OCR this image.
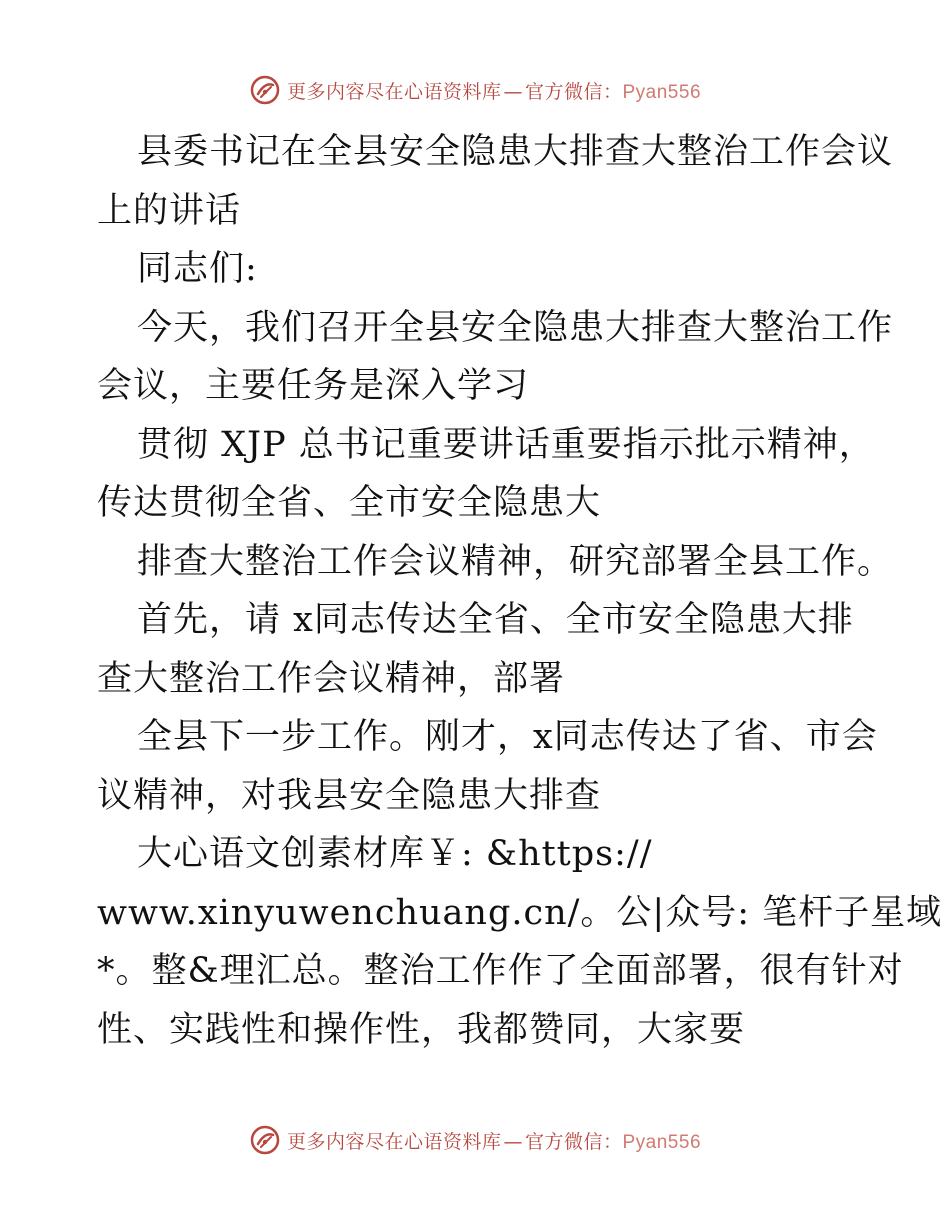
更多内容尽在心语资料库 — 官方微信：Pyan556

县委书记在全县安全隐患大排查大整治工作会议

上的讲话

同志们:

今天，我们召开全县安全隐患大排查大整治工作

会议，主要任务是深入学习

贯彻 XJP 总书记重要讲话重要指示批示精神，

传达贯彻全省、全市安全隐患大

排查大整治工作会议精神，研究部署全县工作。

首先，请 x同志传达全省、全市安全隐患大排

查大整治工作会议精神，部署

全县下一步工作。刚才，x同志传达了省、市会

议精神，对我县安全隐患大排查

大心语文创素材库￥: &https://

www.xinyuwenchuang.cn/。公|众号: 笔杆子星域

*。整&理汇总。整治工作作了全面部署，很有针对

性、实践性和操作性，我都赞同，大家要

更多内容尽在心语资料库 — 官方微信：Pyan556
